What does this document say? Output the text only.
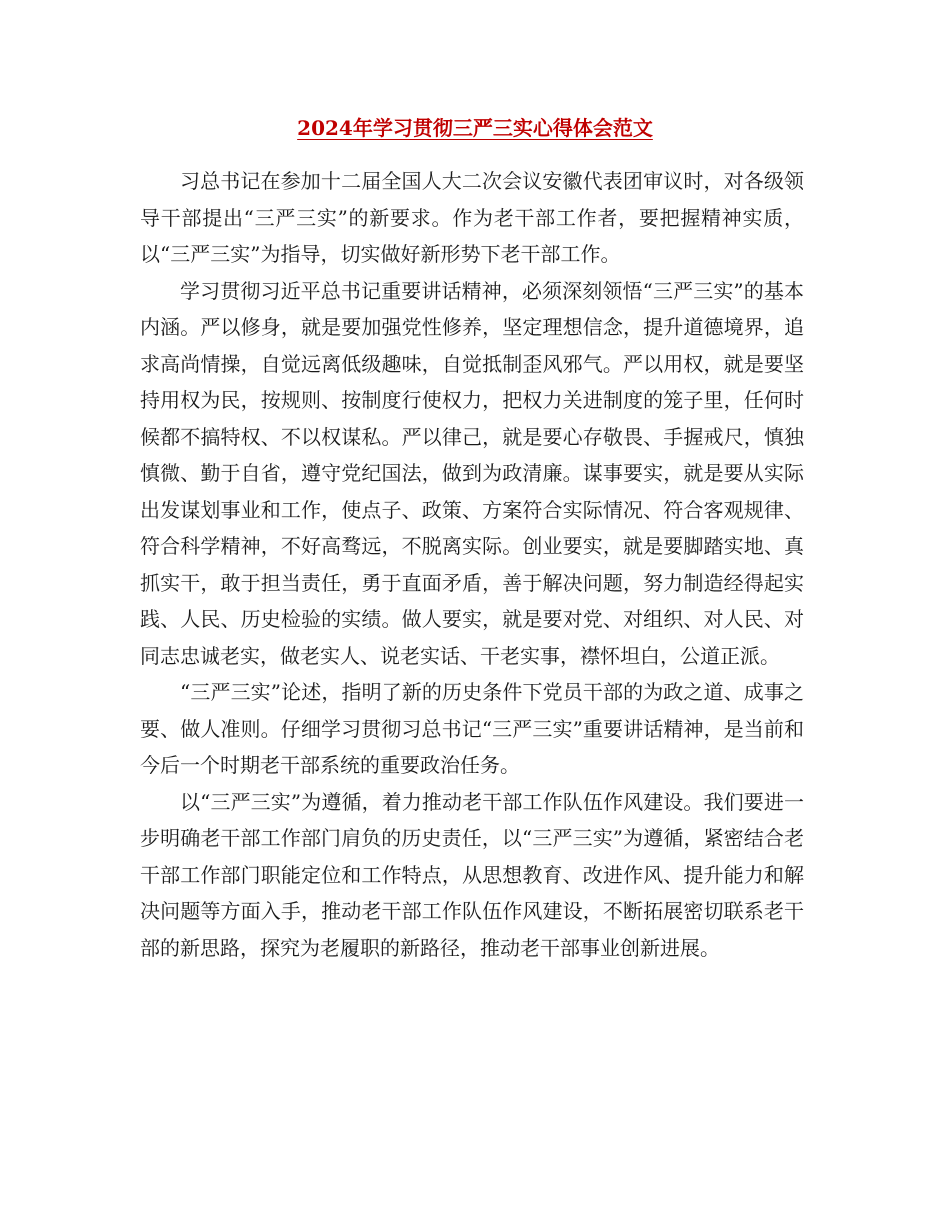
2024年学习贯彻三严三实心得体会范文

习总书记在参加十二届全国人大二次会议安徽代表团审议时，对各级领导干部提出“三严三实”的新要求。作为老干部工作者，要把握精神实质，以“三严三实”为指导，切实做好新形势下老干部工作。

学习贯彻习近平总书记重要讲话精神，必须深刻领悟“三严三实”的基本内涵。严以修身，就是要加强党性修养，坚定理想信念，提升道德境界，追求高尚情操，自觉远离低级趣味，自觉抵制歪风邪气。严以用权，就是要坚持用权为民，按规则、按制度行使权力，把权力关进制度的笼子里，任何时候都不搞特权、不以权谋私。严以律己，就是要心存敬畏、手握戒尺，慎独慎微、勤于自省，遵守党纪国法，做到为政清廉。谋事要实，就是要从实际出发谋划事业和工作，使点子、政策、方案符合实际情况、符合客观规律、符合科学精神，不好高骛远，不脱离实际。创业要实，就是要脚踏实地、真抓实干，敢于担当责任，勇于直面矛盾，善于解决问题，努力制造经得起实践、人民、历史检验的实绩。做人要实，就是要对党、对组织、对人民、对同志忠诚老实，做老实人、说老实话、干老实事，襟怀坦白，公道正派。

“三严三实”论述，指明了新的历史条件下党员干部的为政之道、成事之要、做人准则。仔细学习贯彻习总书记“三严三实”重要讲话精神，是当前和今后一个时期老干部系统的重要政治任务。

以“三严三实”为遵循，着力推动老干部工作队伍作风建设。我们要进一步明确老干部工作部门肩负的历史责任，以“三严三实”为遵循，紧密结合老干部工作部门职能定位和工作特点，从思想教育、改进作风、提升能力和解决问题等方面入手，推动老干部工作队伍作风建设，不断拓展密切联系老干部的新思路，探究为老履职的新路径，推动老干部事业创新进展。
